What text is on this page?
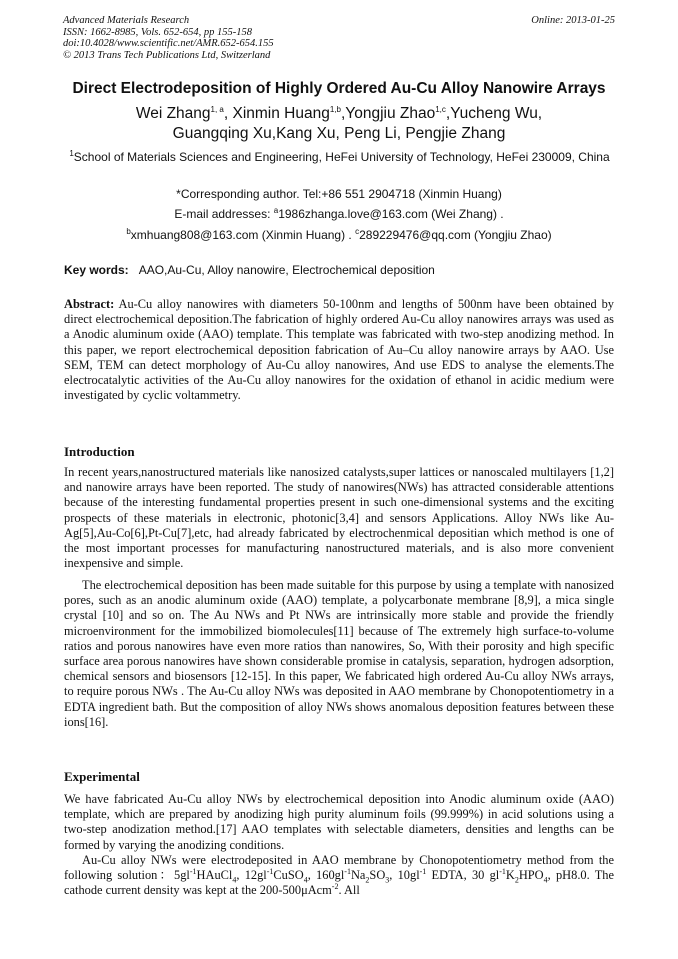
Advanced Materials Research
ISSN: 1662-8985, Vols. 652-654, pp 155-158
doi:10.4028/www.scientific.net/AMR.652-654.155
© 2013 Trans Tech Publications Ltd, Switzerland
Online: 2013-01-25
Direct Electrodeposition of Highly Ordered Au-Cu Alloy Nanowire Arrays
Wei Zhang$^{1, a}$, Xinmin Huang$^{1,b}$,Yongjiu Zhao$^{1,c}$,Yucheng Wu,
Guangqing Xu,Kang Xu, Peng Li, Pengjie Zhang
$^1$School of Materials Sciences and Engineering, HeFei University of Technology, HeFei 230009, China
*Corresponding author. Tel:+86 551 2904718 (Xinmin Huang)
E-mail addresses: $^a$1986zhanga.love@163.com (Wei Zhang) .
$^b$xmhuang808@163.com (Xinmin Huang) . $^c$289229476@qq.com (Yongjiu Zhao)
Key words: AAO,Au-Cu, Alloy nanowire, Electrochemical deposition
Abstract: Au-Cu alloy nanowires with diameters 50-100nm and lengths of 500nm have been obtained by direct electrochemical deposition.The fabrication of highly ordered Au-Cu alloy nanowires arrays was used as a Anodic aluminum oxide (AAO) template. This template was fabricated with two-step anodizing method. In this paper, we report electrochemical deposition fabrication of Au–Cu alloy nanowire arrays by AAO. Use SEM, TEM can detect morphology of Au-Cu alloy nanowires, And use EDS to analyse the elements.The electrocatalytic activities of the Au-Cu alloy nanowires for the oxidation of ethanol in acidic medium were investigated by cyclic voltammetry.
Introduction
In recent years,nanostructured materials like nanosized catalysts,super lattices or nanoscaled multilayers [1,2] and nanowire arrays have been reported. The study of nanowires(NWs) has attracted considerable attentions because of the interesting fundamental properties present in such one-dimensional systems and the exciting prospects of these materials in electronic, photonic[3,4] and sensors Applications. Alloy NWs like Au-Ag[5],Au-Co[6],Pt-Cu[7],etc, had already fabricated by electrochenmical depositian which method is one of the most important processes for manufacturing nanostructured materials, and is also more convenient inexpensive and simple.
The electrochemical deposition has been made suitable for this purpose by using a template with nanosized pores, such as an anodic aluminum oxide (AAO) template, a polycarbonate membrane [8,9], a mica single crystal [10] and so on. The Au NWs and Pt NWs are intrinsically more stable and provide the friendly microenvironment for the immobilized biomolecules[11] because of The extremely high surface-to-volume ratios and porous nanowires have even more ratios than nanowires, So, With their porosity and high specific surface area porous nanowires have shown considerable promise in catalysis, separation, hydrogen adsorption, chemical sensors and biosensors [12-15]. In this paper, We fabricated high ordered Au-Cu alloy NWs arrays, to require porous NWs . The Au-Cu alloy NWs was deposited in AAO membrane by Chonopotentiometry in a EDTA ingredient bath. But the composition of alloy NWs shows anomalous deposition features between these ions[16].
Experimental
We have fabricated Au-Cu alloy NWs by electrochemical deposition into Anodic aluminum oxide (AAO) template, which are prepared by anodizing high purity aluminum foils (99.999%) in acid solutions using a two-step anodization method.[17] AAO templates with selectable diameters, densities and lengths can be formed by varying the anodizing conditions.
Au-Cu alloy NWs were electrodeposited in AAO membrane by Chonopotentiometry method from the following solution：$5gl^{-1}HAuCl_4$, $12gl^{-1}CuSO_4$, $160gl^{-1}Na_2SO_3$, $10gl^{-1}$ EDTA, 30 $gl^{-1}K_2HPO_4$, pH8.0. The cathode current density was kept at the 200-500μAcm$^{-2}$. All
